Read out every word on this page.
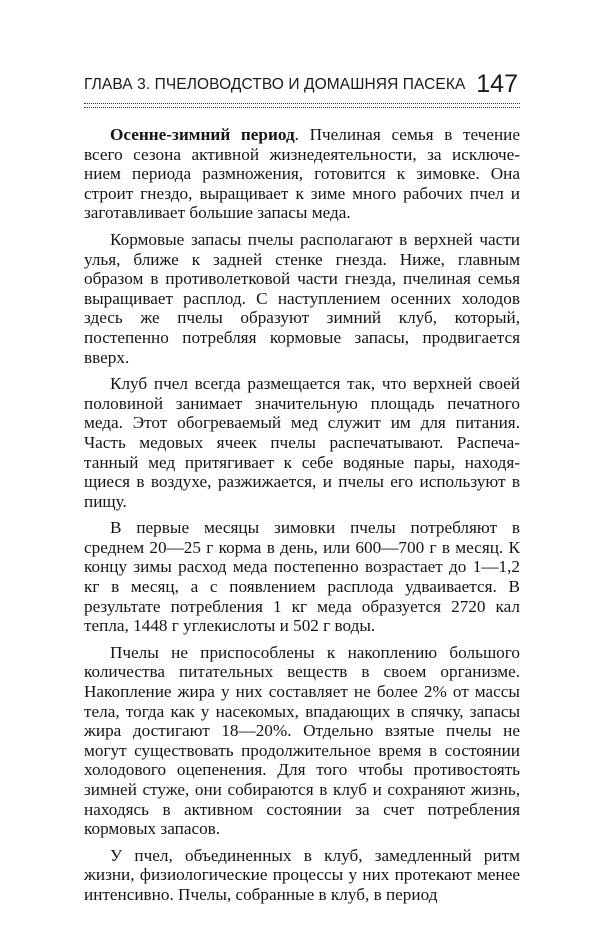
ГЛАВА 3. ПЧЕЛОВОДСТВО И ДОМАШНЯЯ ПАСЕКА 147

Осенне-зимний период. Пчелиная семья в течение всего сезона активной жизнедеятельности, за исключением периода размножения, готовится к зимовке. Она строит гнездо, выращивает к зиме много рабочих пчел и заготавливает большие запасы меда.

Кормовые запасы пчелы располагают в верхней части улья, ближе к задней стенке гнезда. Ниже, главным образом в противолетковой части гнезда, пчелиная семья выращивает расплод. С наступлением осенних холодов здесь же пчелы образуют зимний клуб, который, постепенно потребляя кормовые запасы, продвигается вверх.

Клуб пчел всегда размещается так, что верхней своей половиной занимает значительную площадь печатного меда. Этот обогреваемый мед служит им для питания. Часть медовых ячеек пчелы распечатывают. Распечатанный мед притягивает к себе водяные пары, находящиеся в воздухе, разжижается, и пчелы его используют в пищу.

В первые месяцы зимовки пчелы потребляют в среднем 20—25 г корма в день, или 600—700 г в месяц. К концу зимы расход меда постепенно возрастает до 1—1,2 кг в месяц, а с появлением расплода удваивается. В результате потребления 1 кг меда образуется 2720 кал тепла, 1448 г углекислоты и 502 г воды.

Пчелы не приспособлены к накоплению большого количества питательных веществ в своем организме. Накопление жира у них составляет не более 2% от массы тела, тогда как у насекомых, впадающих в спячку, запасы жира достигают 18—20%. Отдельно взятые пчелы не могут существовать продолжительное время в состоянии холодового оцепенения. Для того чтобы противостоять зимней стуже, они собираются в клуб и сохраняют жизнь, находясь в активном состоянии за счет потребления кормовых запасов.

У пчел, объединенных в клуб, замедленный ритм жизни, физиологические процессы у них протекают менее интенсивно. Пчелы, собранные в клуб, в период
